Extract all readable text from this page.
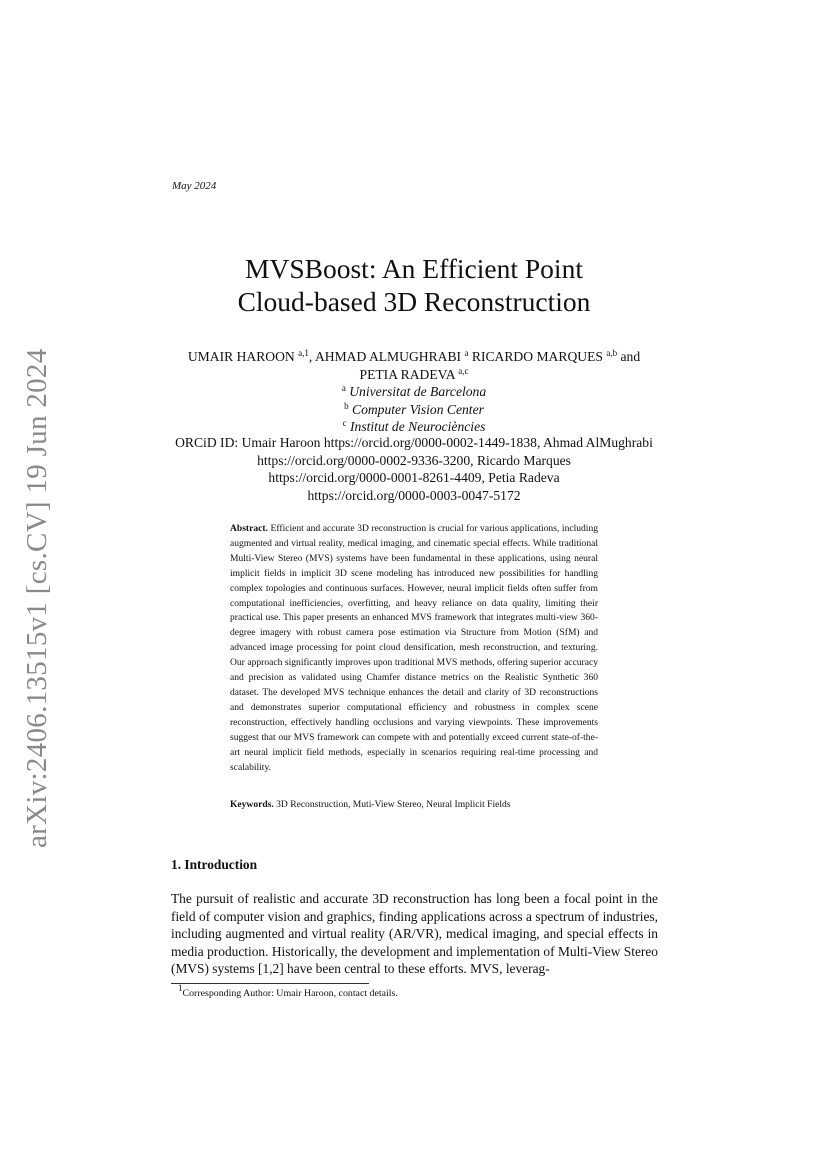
arXiv:2406.13515v1 [cs.CV] 19 Jun 2024
May 2024
MVSBoost: An Efficient Point
Cloud-based 3D Reconstruction
UMAIR HAROON $^{a,1}$, AHMAD ALMUGHRABI $^a$ RICARDO MARQUES $^{a,b}$ and
PETIA RADEVA $^{a,c}$
$^a$ Universitat de Barcelona
$^b$ Computer Vision Center
$^c$ Institut de Neurociències
ORCiD ID: Umair Haroon https://orcid.org/0000-0002-1449-1838, Ahmad AlMughrabi
https://orcid.org/0000-0002-9336-3200, Ricardo Marques
https://orcid.org/0000-0001-8261-4409, Petia Radeva
https://orcid.org/0000-0003-0047-5172
Abstract. Efficient and accurate 3D reconstruction is crucial for various applications, including augmented and virtual reality, medical imaging, and cinematic special effects. While traditional Multi-View Stereo (MVS) systems have been fundamental in these applications, using neural implicit fields in implicit 3D scene modeling has introduced new possibilities for handling complex topologies and continuous surfaces. However, neural implicit fields often suffer from computational inefficiencies, overfitting, and heavy reliance on data quality, limiting their practical use. This paper presents an enhanced MVS framework that integrates multi-view 360-degree imagery with robust camera pose estimation via Structure from Motion (SfM) and advanced image processing for point cloud densification, mesh reconstruction, and texturing. Our approach significantly improves upon traditional MVS methods, offering superior accuracy and precision as validated using Chamfer distance metrics on the Realistic Synthetic 360 dataset. The developed MVS technique enhances the detail and clarity of 3D reconstructions and demonstrates superior computational efficiency and robustness in complex scene reconstruction, effectively handling occlusions and varying viewpoints. These improvements suggest that our MVS framework can compete with and potentially exceed current state-of-the-art neural implicit field methods, especially in scenarios requiring real-time processing and scalability.
Keywords. 3D Reconstruction, Muti-View Stereo, Neural Implicit Fields
1. Introduction
The pursuit of realistic and accurate 3D reconstruction has long been a focal point in the field of computer vision and graphics, finding applications across a spectrum of industries, including augmented and virtual reality (AR/VR), medical imaging, and special effects in media production. Historically, the development and implementation of Multi-View Stereo (MVS) systems [1,2] have been central to these efforts. MVS, leverag-
$^1$Corresponding Author: Umair Haroon, contact details.
